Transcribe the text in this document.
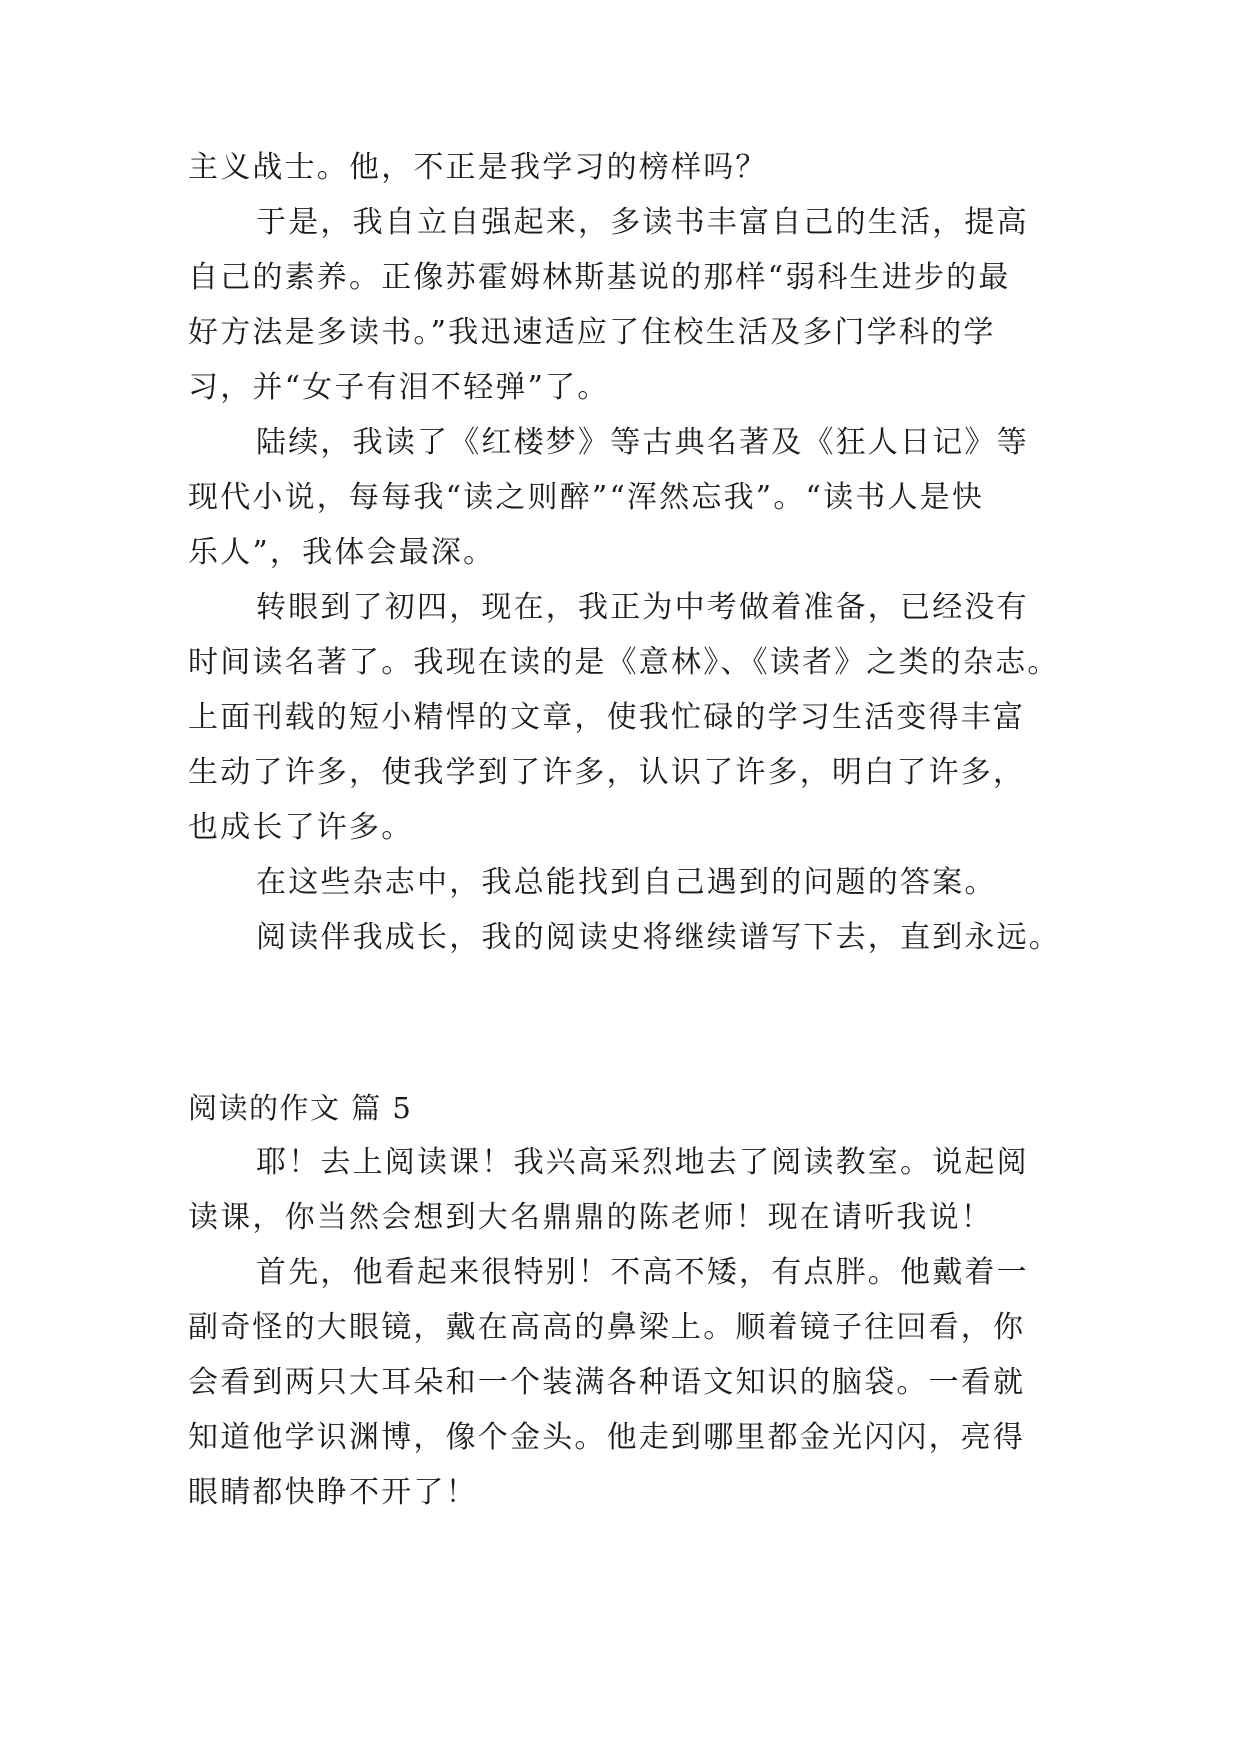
主义战士。他，不正是我学习的榜样吗？
于是，我自立自强起来，多读书丰富自己的生活，提高
自己的素养。正像苏霍姆林斯基说的那样“弱科生进步的最
好方法是多读书。”我迅速适应了住校生活及多门学科的学
习，并“女子有泪不轻弹”了。
陆续，我读了《红楼梦》等古典名著及《狂人日记》等
现代小说，每每我“读之则醉”“浑然忘我”。“读书人是快
乐人”，我体会最深。
转眼到了初四，现在，我正为中考做着准备，已经没有
时间读名著了。我现在读的是《意林》、《读者》之类的杂志。
上面刊载的短小精悍的文章，使我忙碌的学习生活变得丰富
生动了许多，使我学到了许多，认识了许多，明白了许多，
也成长了许多。
在这些杂志中，我总能找到自己遇到的问题的答案。
阅读伴我成长，我的阅读史将继续谱写下去，直到永远。
阅读的作文 篇 5
耶！去上阅读课！我兴高采烈地去了阅读教室。说起阅
读课，你当然会想到大名鼎鼎的陈老师！现在请听我说！
首先，他看起来很特别！不高不矮，有点胖。他戴着一
副奇怪的大眼镜，戴在高高的鼻梁上。顺着镜子往回看，你
会看到两只大耳朵和一个装满各种语文知识的脑袋。一看就
知道他学识渊博，像个金头。他走到哪里都金光闪闪，亮得
眼睛都快睁不开了！
